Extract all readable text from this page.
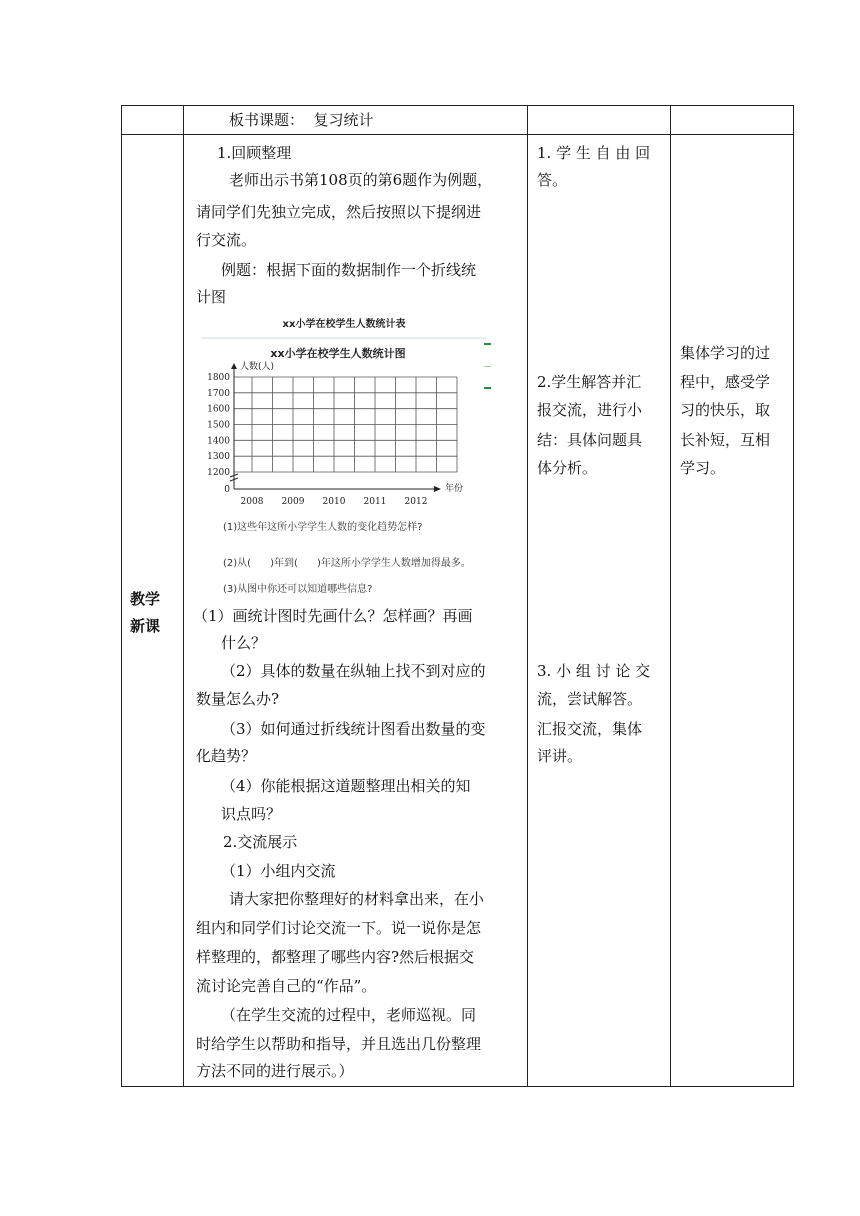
板书课题：  复习统计
教学
新课
1.回顾整理
老师出示书第108页的第6题作为例题，
请同学们先独立完成，然后按照以下提纲进
行交流。
例题：根据下面的数据制作一个折线统
计图
xx小学在校学生人数统计表
xx小学在校学生人数统计图
人数(人)
0
1200
1300
1400
1500
1600
1700
1800
2008 2009 2010 2011 2012
年份
(1)这些年这所小学学生人数的变化趋势怎样?
(2)从(      )年到(      )年这所小学学生人数增加得最多。
(3)从图中你还可以知道哪些信息?
（1）画统计图时先画什么？怎样画？再画
什么？
（2）具体的数量在纵轴上找不到对应的
数量怎么办?
（3）如何通过折线统计图看出数量的变
化趋势？
（4）你能根据这道题整理出相关的知
识点吗？
2.交流展示
（1）小组内交流
请大家把你整理好的材料拿出来，在小
组内和同学们讨论交流一下。说一说你是怎
样整理的，都整理了哪些内容?然后根据交
流讨论完善自己的“作品”。
（在学生交流的过程中，老师巡视。同
时给学生以帮助和指导，并且选出几份整理
方法不同的进行展示。）
1. 学 生 自 由 回
答。
2.学生解答并汇
报交流，进行小
结：具体问题具
体分析。
3. 小 组 讨 论 交
流，尝试解答。
汇报交流，集体
评讲。
集体学习的过
程中，感受学
习的快乐，取
长补短，互相
学习。
